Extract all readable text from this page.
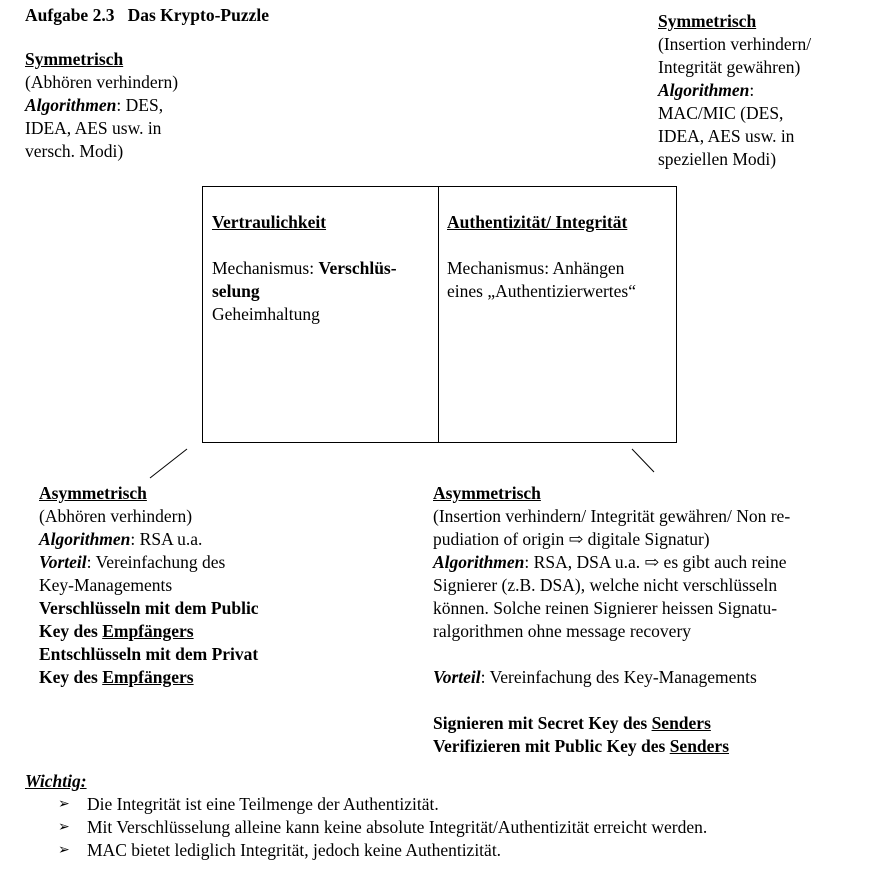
Aufgabe 2.3 Das Krypto-Puzzle
Symmetrisch
(Abhören verhindern)
Algorithmen: DES,
IDEA, AES usw. in
versch. Modi)
Symmetrisch
(Insertion verhindern/
Integrität gewähren)
Algorithmen:
MAC/MIC (DES,
IDEA, AES usw. in
speziellen Modi)
Vertraulichkeit
Mechanismus: Verschlüs-
selung
Geheimhaltung
Authentizität/ Integrität
Mechanismus: Anhängen
eines „Authentizierwertes“
Asymmetrisch
(Abhören verhindern)
Algorithmen: RSA u.a.
Vorteil: Vereinfachung des
Key-Managements
Verschlüsseln mit dem Public
Key des Empfängers
Entschlüsseln mit dem Privat
Key des Empfängers
Asymmetrisch
(Insertion verhindern/ Integrität gewähren/ Non re-
pudiation of origin ⇨ digitale Signatur)
Algorithmen: RSA, DSA u.a. ⇨ es gibt auch reine
Signierer (z.B. DSA), welche nicht verschlüsseln
können. Solche reinen Signierer heissen Signatu-
ralgorithmen ohne message recovery
Vorteil: Vereinfachung des Key-Managements
Signieren mit Secret Key des Senders
Verifizieren mit Public Key des Senders
Wichtig:
➢ Die Integrität ist eine Teilmenge der Authentizität.
➢ Mit Verschlüsselung alleine kann keine absolute Integrität/Authentizität erreicht werden.
➢ MAC bietet lediglich Integrität, jedoch keine Authentizität.
